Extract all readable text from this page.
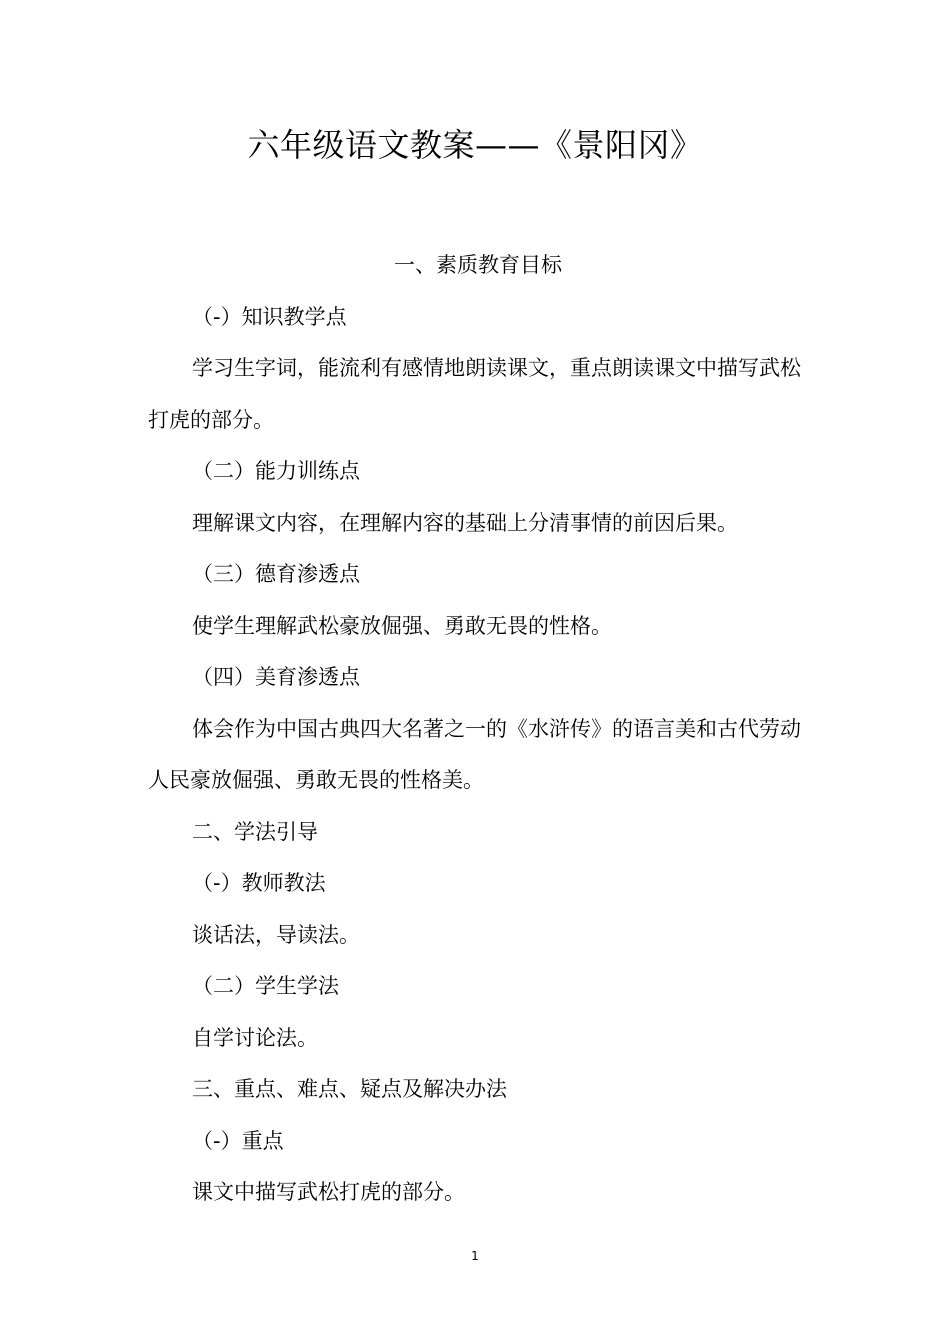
六年级语文教案——《景阳冈》

一、素质教育目标

（-）知识教学点

学习生字词，能流利有感情地朗读课文，重点朗读课文中描写武松打虎的部分。

（二）能力训练点

理解课文内容，在理解内容的基础上分清事情的前因后果。

（三）德育渗透点

使学生理解武松豪放倔强、勇敢无畏的性格。

（四）美育渗透点

体会作为中国古典四大名著之一的《水浒传》的语言美和古代劳动人民豪放倔强、勇敢无畏的性格美。

二、学法引导

（-）教师教法

谈话法，导读法。

（二）学生学法

自学讨论法。

三、重点、难点、疑点及解决办法

（-）重点

课文中描写武松打虎的部分。

1
